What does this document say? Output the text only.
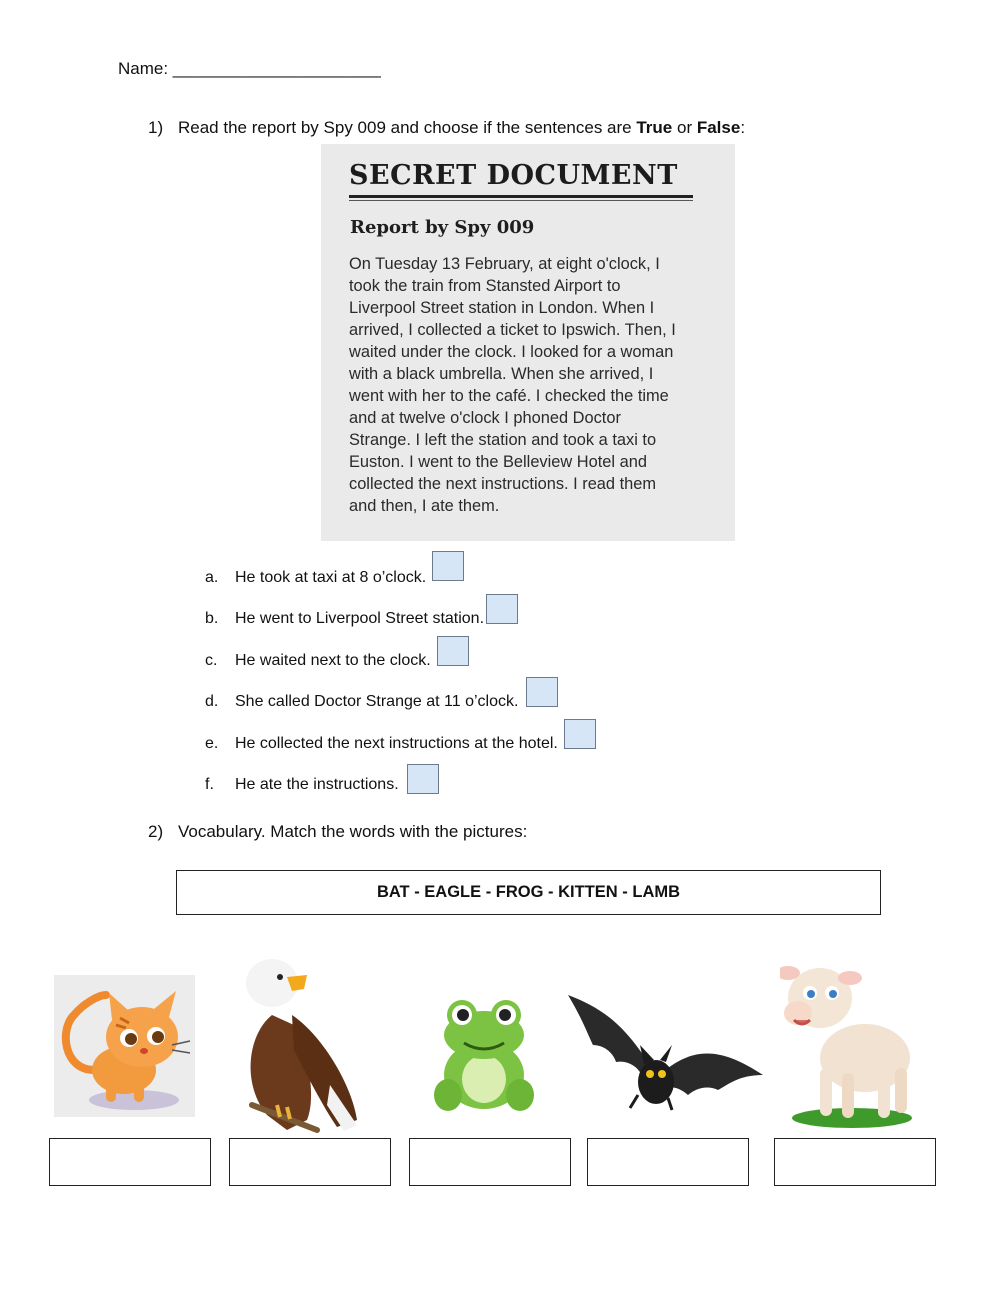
Name: ______________________
1) Read the report by Spy 009 and choose if the sentences are True or False:
SECRET DOCUMENT
Report by Spy 009
On Tuesday 13 February, at eight o'clock, I
took the train from Stansted Airport to
Liverpool Street station in London. When I
arrived, I collected a ticket to Ipswich. Then, I
waited under the clock. I looked for a woman
with a black umbrella. When she arrived, I
went with her to the café. I checked the time
and at twelve o'clock I phoned Doctor
Strange. I left the station and took a taxi to
Euston. I went to the Belleview Hotel and
collected the next instructions. I read them
and then, I ate them.
a.	He took at taxi at 8 o’clock.
b.	He went to Liverpool Street station.
c.	He waited next to the clock.
d.	She called Doctor Strange at 11 o’clock.
e.	He collected the next instructions at the hotel.
f.	He ate the instructions.
2) Vocabulary. Match the words with the pictures:
BAT - EAGLE - FROG - KITTEN - LAMB
